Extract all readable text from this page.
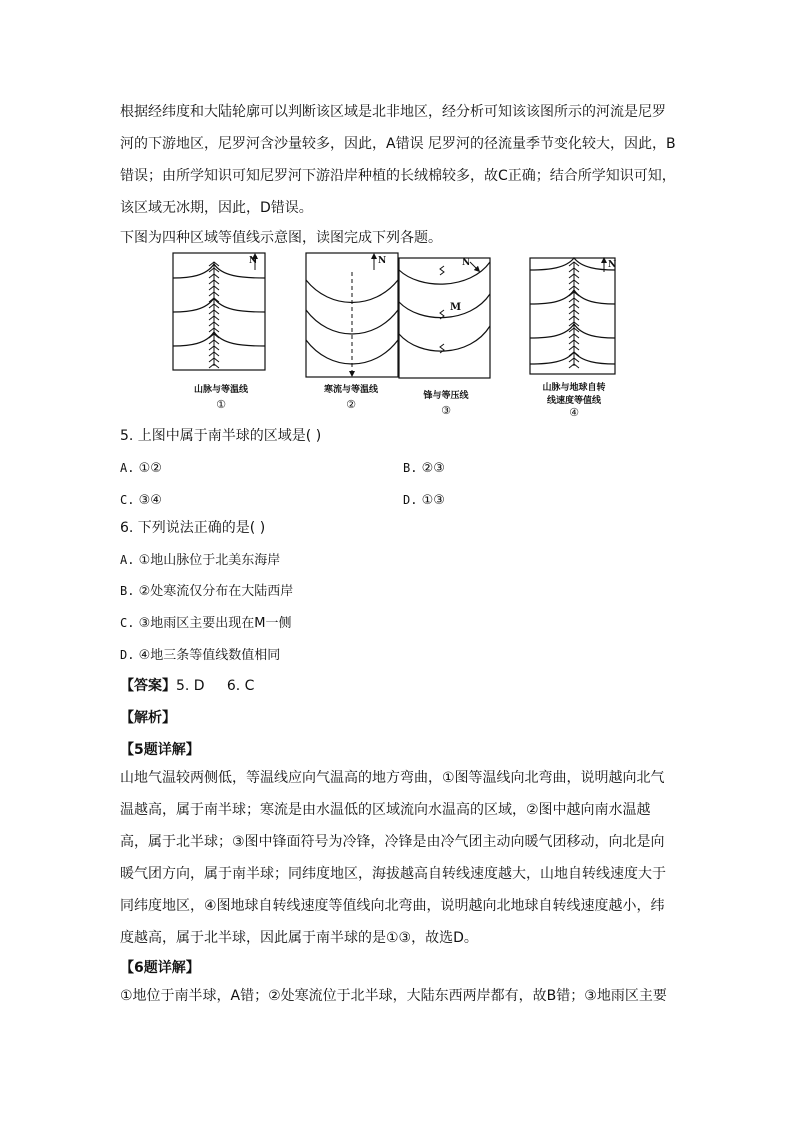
根据经纬度和大陆轮廓可以判断该区域是北非地区，经分析可知该该图所示的河流是尼罗河的下游地区，尼罗河含沙量较多，因此，A错误 尼罗河的径流量季节变化较大，因此，B错误；由所学知识可知尼罗河下游沿岸种植的长绒棉较多，故C正确；结合所学知识可知，该区域无冰期，因此，D错误。

下图为四种区域等值线示意图，读图完成下列各题。

N	N	N	N
M
山脉与等温线
①
寒流与等温线
②
锋与等压线
③
山脉与地球自转
线速度等值线
④

5. 上图中属于南半球的区域是( )

A. ①②	B. ②③
C. ③④	D. ①③

6. 下列说法正确的是( )

A. ①地山脉位于北美东海岸
B. ②处寒流仅分布在大陆西岸
C. ③地雨区主要出现在M一侧
D. ④地三条等值线数值相同
【答案】5. D     6. C

【解析】

【5题详解】

山地气温较两侧低，等温线应向气温高的地方弯曲，①图等温线向北弯曲，说明越向北气温越高，属于南半球；寒流是由水温低的区域流向水温高的区域，②图中越向南水温越高，属于北半球；③图中锋面符号为冷锋，冷锋是由冷气团主动向暖气团移动，向北是向暖气团方向，属于南半球；同纬度地区，海拔越高自转线速度越大，山地自转线速度大于同纬度地区，④图地球自转线速度等值线向北弯曲，说明越向北地球自转线速度越小，纬度越高，属于北半球，因此属于南半球的是①③，故选D。

【6题详解】

①地位于南半球，A错；②处寒流位于北半球，大陆东西两岸都有，故B错；③地雨区主要
